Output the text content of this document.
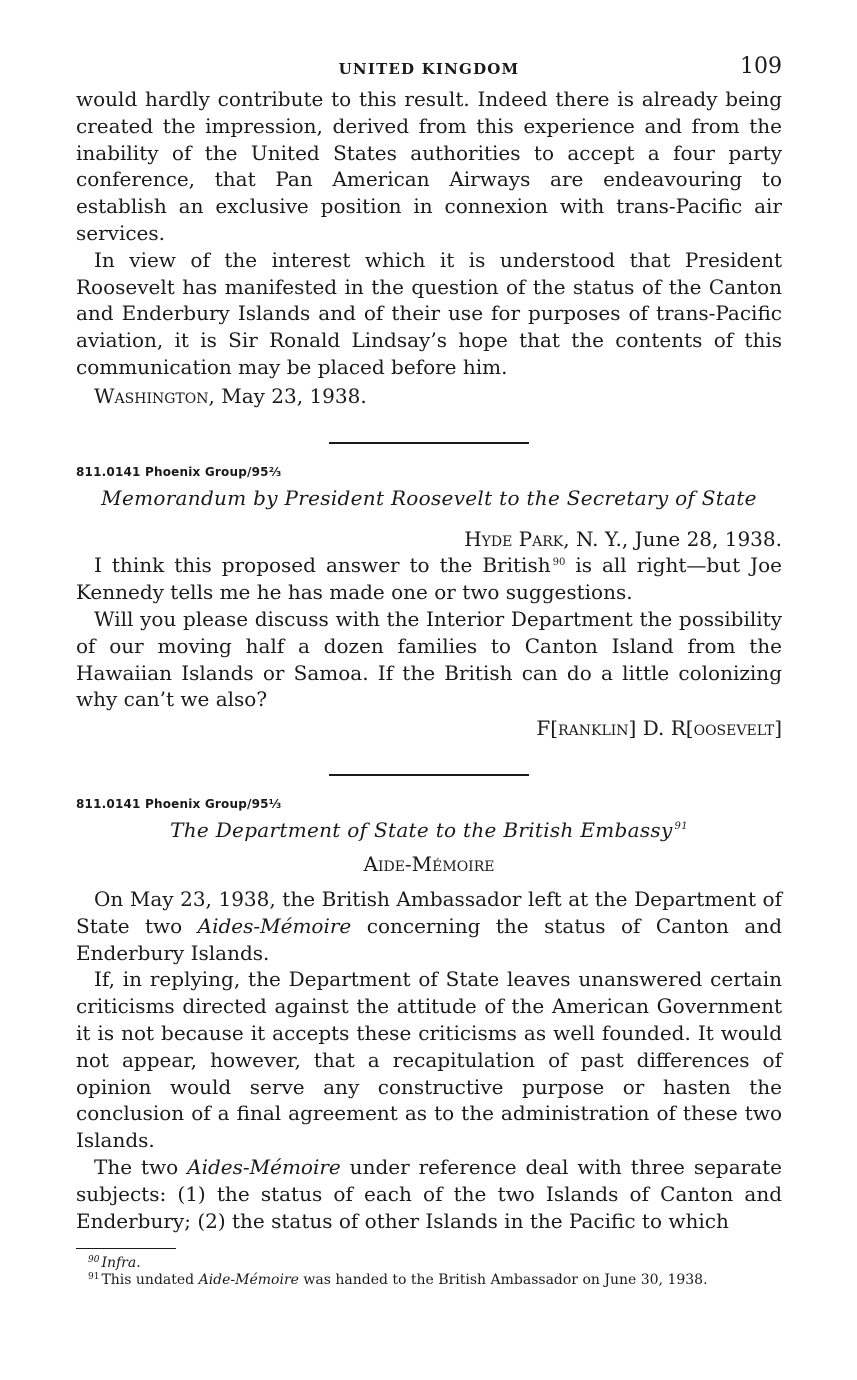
UNITED KINGDOM	109

would hardly contribute to this result. Indeed there is already being created the impression, derived from this experience and from the inability of the United States authorities to accept a four party conference, that Pan American Airways are endeavouring to establish an exclusive position in connexion with trans-Pacific air services.

In view of the interest which it is understood that President Roosevelt has manifested in the question of the status of the Canton and Enderbury Islands and of their use for purposes of trans-Pacific aviation, it is Sir Ronald Lindsay’s hope that the contents of this communication may be placed before him.

Washington, May 23, 1938.

811.0141 Phoenix Group/95⅔
Memorandum by President Roosevelt to the Secretary of State
Hyde Park, N. Y., June 28, 1938.

I think this proposed answer to the British $^{90}$ is all right—but Joe Kennedy tells me he has made one or two suggestions.

Will you please discuss with the Interior Department the possibility of our moving half a dozen families to Canton Island from the Hawaiian Islands or Samoa. If the British can do a little colonizing why can’t we also?

F[ranklin] D. R[oosevelt]
811.0141 Phoenix Group/95⅓
The Department of State to the British Embassy $^{91}$
Aide-Mémoire

On May 23, 1938, the British Ambassador left at the Department of State two Aides-Mémoire concerning the status of Canton and Enderbury Islands.

If, in replying, the Department of State leaves unanswered certain criticisms directed against the attitude of the American Government it is not because it accepts these criticisms as well founded. It would not appear, however, that a recapitulation of past differences of opinion would serve any constructive purpose or hasten the conclusion of a final agreement as to the administration of these two Islands.

The two Aides-Mémoire under reference deal with three separate subjects: (1) the status of each of the two Islands of Canton and Enderbury; (2) the status of other Islands in the Pacific to which

$^{90}$ Infra.
$^{91}$ This undated Aide-Mémoire was handed to the British Ambassador on June 30, 1938.
